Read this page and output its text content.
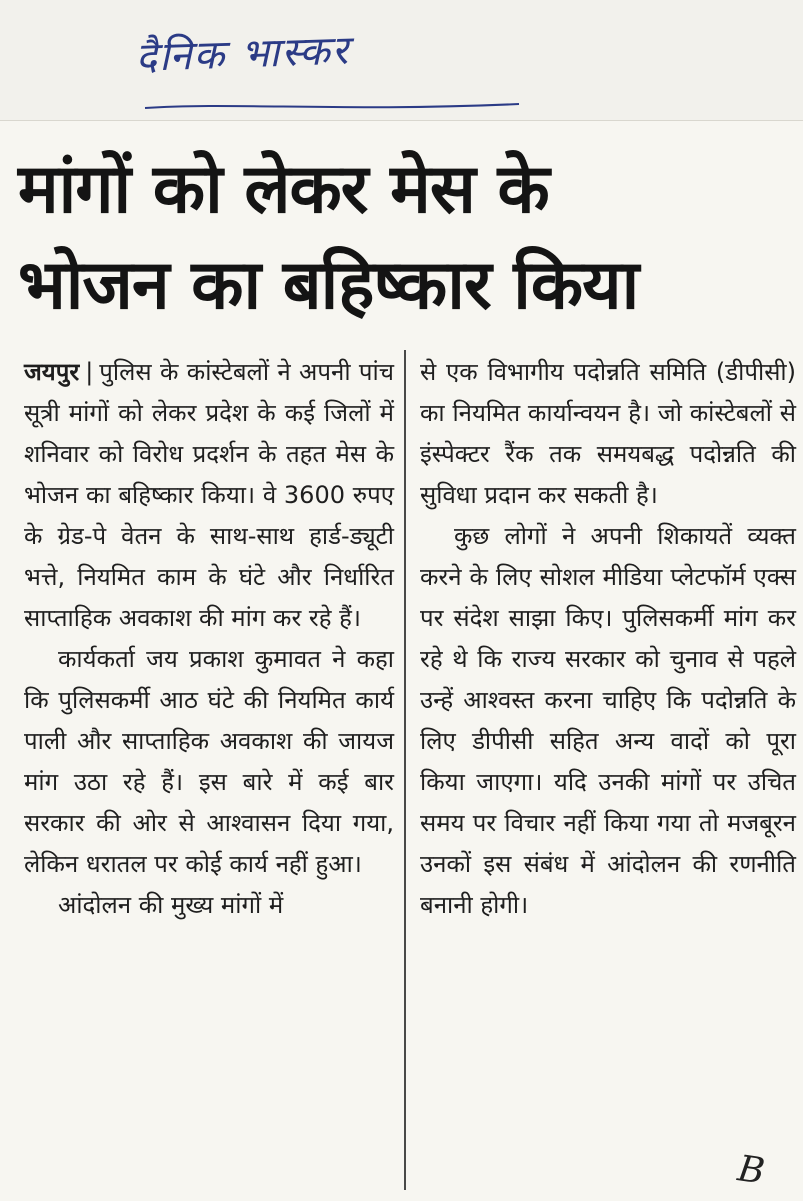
दैनिक भास्कर
मांगों को लेकर मेस के
भोजन का बहिष्कार किया

जयपुर | पुलिस के कांस्टेबलों ने अपनी पांच सूत्री मांगों को लेकर प्रदेश के कई जिलों में शनिवार को विरोध प्रदर्शन के तहत मेस के भोजन का बहिष्कार किया। वे 3600 रुपए के ग्रेड-पे वेतन के साथ-साथ हार्ड-ड्यूटी भत्ते, नियमित काम के घंटे और निर्धारित साप्ताहिक अवकाश की मांग कर रहे हैं।

कार्यकर्ता जय प्रकाश कुमावत ने कहा कि पुलिसकर्मी आठ घंटे की नियमित कार्य पाली और साप्ताहिक अवकाश की जायज मांग उठा रहे हैं। इस बारे में कई बार सरकार की ओर से आश्वासन दिया गया, लेकिन धरातल पर कोई कार्य नहीं हुआ।

आंदोलन की मुख्य मांगों में

से एक विभागीय पदोन्नति समिति (डीपीसी) का नियमित कार्यान्वयन है। जो कांस्टेबलों से इंस्पेक्टर रैंक तक समयबद्ध पदोन्नति की सुविधा प्रदान कर सकती है।

कुछ लोगों ने अपनी शिकायतें व्यक्त करने के लिए सोशल मीडिया प्लेटफॉर्म एक्स पर संदेश साझा किए। पुलिसकर्मी मांग कर रहे थे कि राज्य सरकार को चुनाव से पहले उन्हें आश्वस्त करना चाहिए कि पदोन्नति के लिए डीपीसी सहित अन्य वादों को पूरा किया जाएगा। यदि उनकी मांगों पर उचित समय पर विचार नहीं किया गया तो मजबूरन उनकों इस संबंध में आंदोलन की रणनीति बनानी होगी।

B
